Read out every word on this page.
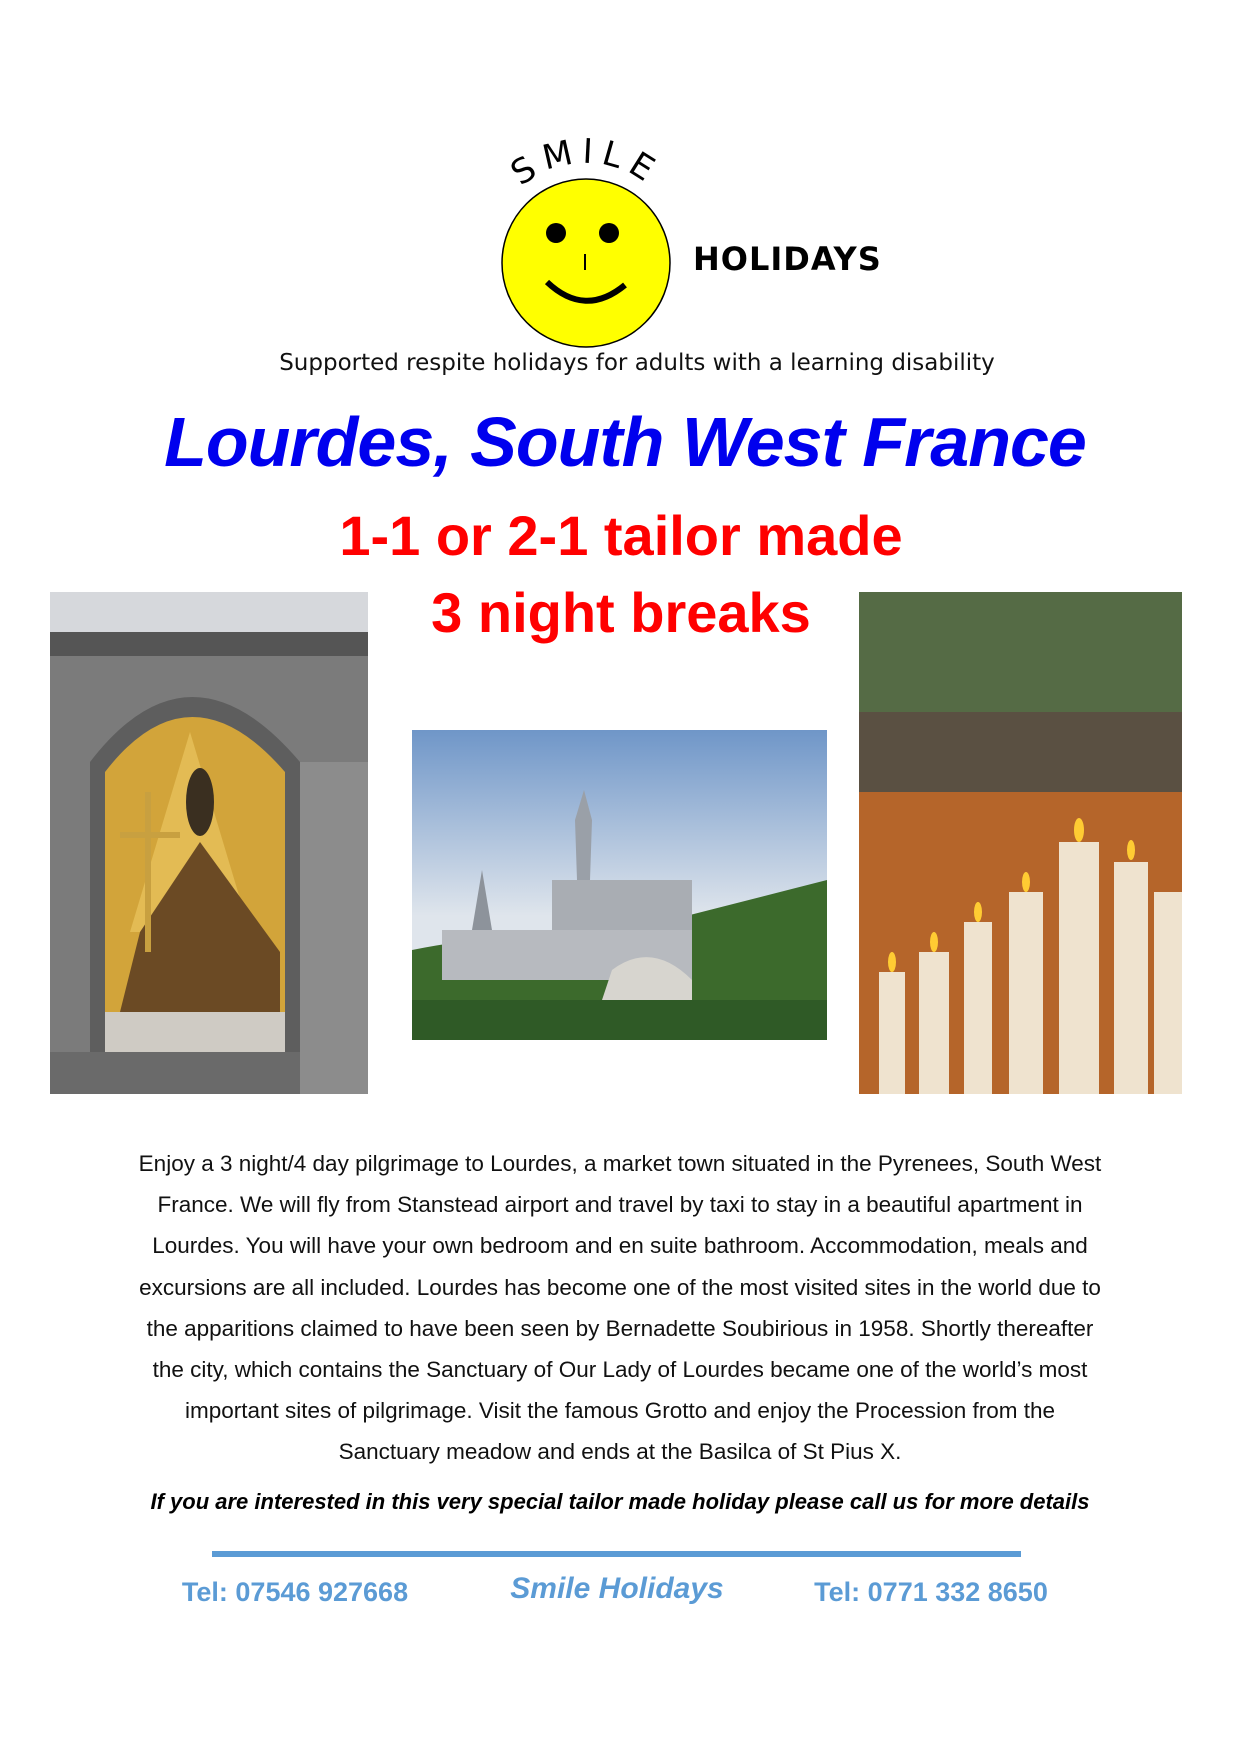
SMILE
HOLIDAYS
Supported respite holidays for adults with a learning disability
Lourdes, South West France
1-1 or 2-1 tailor made
3 night breaks
Enjoy a 3 night/4 day pilgrimage to Lourdes, a market town situated in the Pyrenees, South West
France. We will fly from Stanstead airport and travel by taxi to stay in a beautiful apartment in
Lourdes. You will have your own bedroom and en suite bathroom. Accommodation, meals and
excursions are all included. Lourdes has become one of the most visited sites in the world due to
the apparitions claimed to have been seen by Bernadette Soubirious in 1958. Shortly thereafter
the city, which contains the Sanctuary of Our Lady of Lourdes became one of the world’s most
important sites of pilgrimage. Visit the famous Grotto and enjoy the Procession from the
Sanctuary meadow and ends at the Basilca of St Pius X.
If you are interested in this very special tailor made holiday please call us for more details
Tel: 07546 927668	Smile Holidays	Tel: 0771 332 8650
